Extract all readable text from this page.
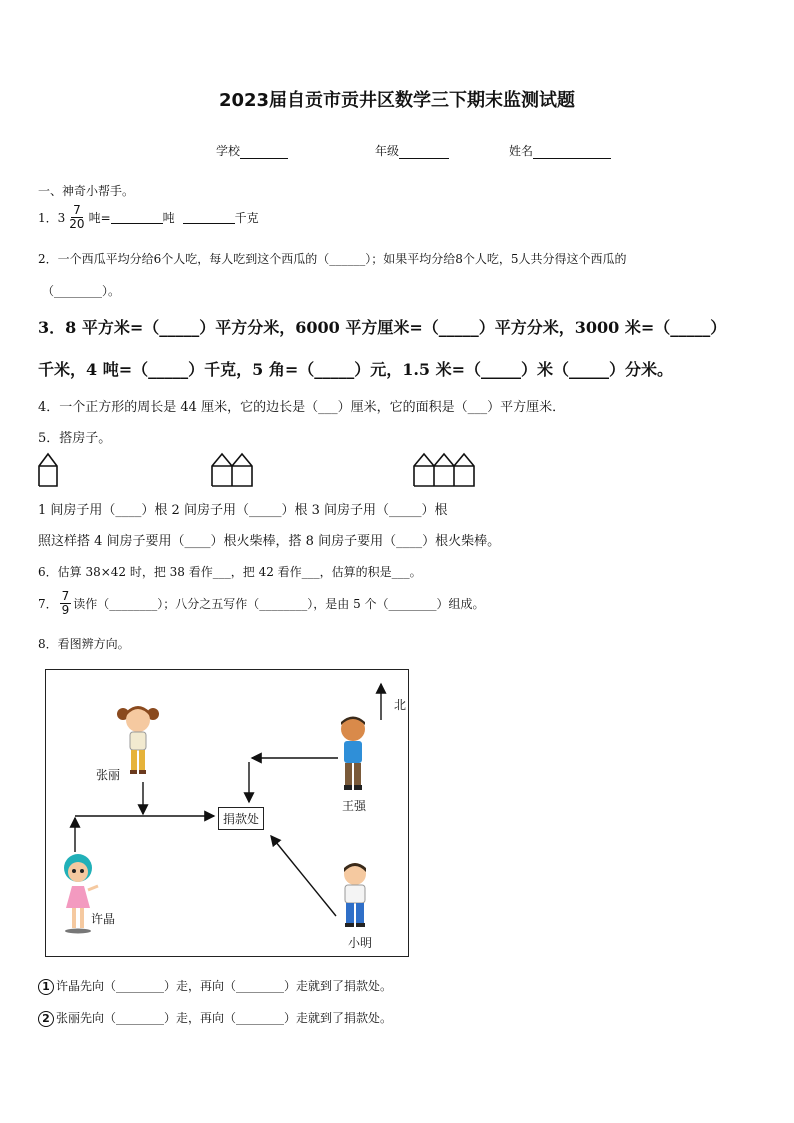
2023届自贡市贡井区数学三下期末监测试题
学校	年级	姓名
一、神奇小帮手。
1． $3 \frac{7}{20}$ 吨=	吨	千克
2．一个西瓜平均分给6个人吃，每人吃到这个西瓜的（______）；如果平均分给8个人吃，5人共分得这个西瓜的
（________）。
3．8 平方米=（_____）平方分米，6000 平方厘米=（_____）平方分米，3000 米=（_____）
千米，4 吨=（_____）千克，5 角=（_____）元，1.5 米=（_____）米（_____）分米。
4．一个正方形的周长是 44 厘米，它的边长是（___）厘米，它的面积是（___）平方厘米．
5．搭房子。
1 间房子用（____）根 2 间房子用（_____）根 3 间房子用（_____）根
照这样搭 4 间房子要用（____）根火柴棒，搭 8 间房子要用（____）根火柴棒。
6．估算 38×42 时，把 38 看作___，把 42 看作___，估算的积是___。
7． $\frac{7}{9}$ 读作（________）；八分之五写作（________），是由 5 个（________）组成。
8．看图辨方向。
张丽
王强
许晶
小明
捐款处
北
1 许晶先向（________）走，再向（________）走就到了捐款处。
2 张丽先向（________）走，再向（________）走就到了捐款处。
